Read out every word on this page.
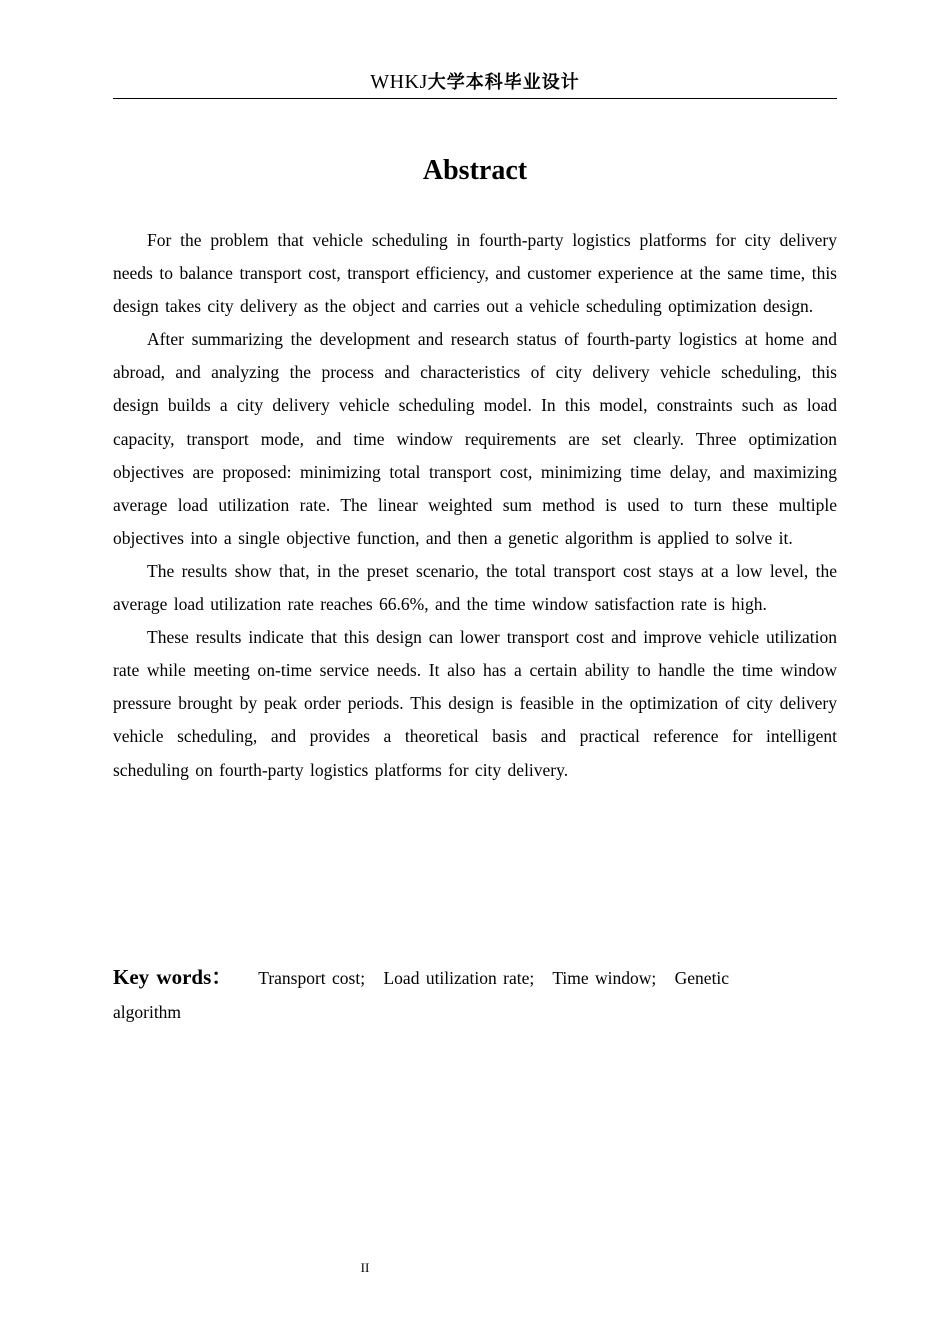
WHKJ大学本科毕业设计
Abstract

For the problem that vehicle scheduling in fourth-party logistics platforms for city delivery needs to balance transport cost, transport efficiency, and customer experience at the same time, this design takes city delivery as the object and carries out a vehicle scheduling optimization design.

After summarizing the development and research status of fourth-party logistics at home and abroad, and analyzing the process and characteristics of city delivery vehicle scheduling, this design builds a city delivery vehicle scheduling model. In this model, constraints such as load capacity, transport mode, and time window requirements are set clearly. Three optimization objectives are proposed: minimizing total transport cost, minimizing time delay, and maximizing average load utilization rate. The linear weighted sum method is used to turn these multiple objectives into a single objective function, and then a genetic algorithm is applied to solve it.

The results show that, in the preset scenario, the total transport cost stays at a low level, the average load utilization rate reaches 66.6%, and the time window satisfaction rate is high.

These results indicate that this design can lower transport cost and improve vehicle utilization rate while meeting on-time service needs. It also has a certain ability to handle the time window pressure brought by peak order periods. This design is feasible in the optimization of city delivery vehicle scheduling, and provides a theoretical basis and practical reference for intelligent scheduling on fourth-party logistics platforms for city delivery.

Key words： Transport cost; Load utilization rate; Time window; Genetic algorithm
II
